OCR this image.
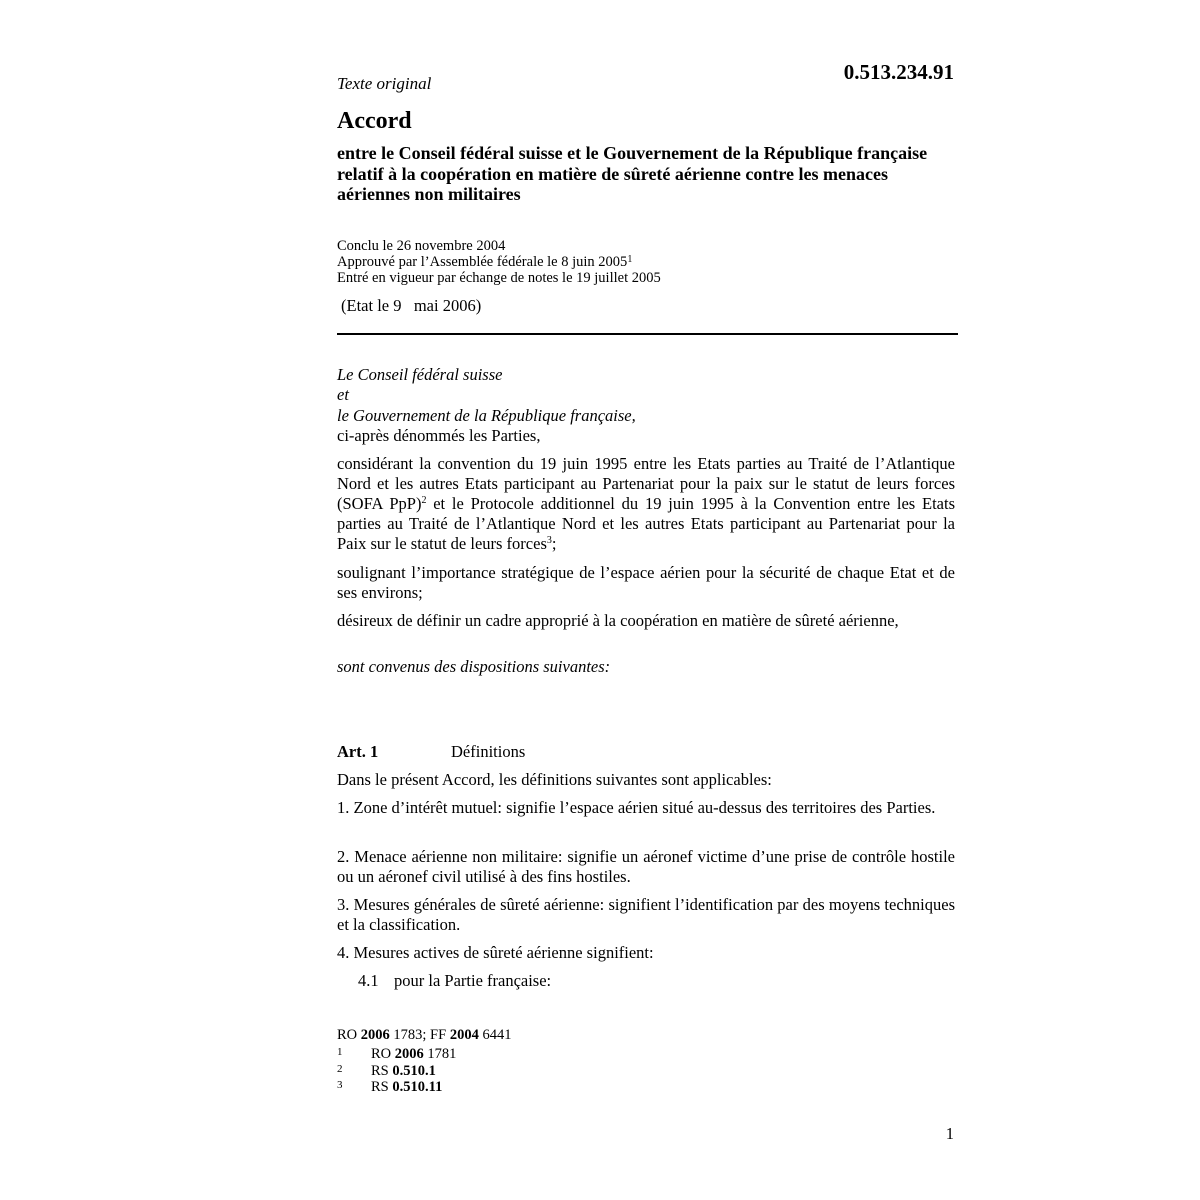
Texte original	0.513.234.91
Accord
entre le Conseil fédéral suisse et le Gouvernement de la République française relatif à la coopération en matière de sûreté aérienne contre les menaces aériennes non militaires
Conclu le 26 novembre 2004
Approuvé par l’Assemblée fédérale le 8 juin 2005$^1$
Entré en vigueur par échange de notes le 19 juillet 2005
(Etat le 9   mai 2006)
Le Conseil fédéral suisse
et
le Gouvernement de la République française,
ci-après dénommés les Parties,
considérant la convention du 19 juin 1995 entre les Etats parties au Traité de l’Atlantique Nord et les autres Etats participant au Partenariat pour la paix sur le statut de leurs forces (SOFA PpP)$^2$ et le Protocole additionnel du 19 juin 1995 à la Convention entre les Etats parties au Traité de l’Atlantique Nord et les autres Etats participant au Partenariat pour la Paix sur le statut de leurs forces$^3$;
soulignant l’importance stratégique de l’espace aérien pour la sécurité de chaque Etat et de ses environs;
désireux de définir un cadre approprié à la coopération en matière de sûreté aérienne,
sont convenus des dispositions suivantes:
Art. 1	Définitions
Dans le présent Accord, les définitions suivantes sont applicables:
1. Zone d’intérêt mutuel: signifie l’espace aérien situé au-dessus des territoires des Parties.
2. Menace aérienne non militaire: signifie un aéronef victime d’une prise de contrôle hostile ou un aéronef civil utilisé à des fins hostiles.
3. Mesures générales de sûreté aérienne: signifient l’identification par des moyens techniques et la classification.
4. Mesures actives de sûreté aérienne signifient:
4.1 pour la Partie française:
RO 2006 1783; FF 2004 6441
1	RO 2006 1781
2	RS 0.510.1
3	RS 0.510.11
1
